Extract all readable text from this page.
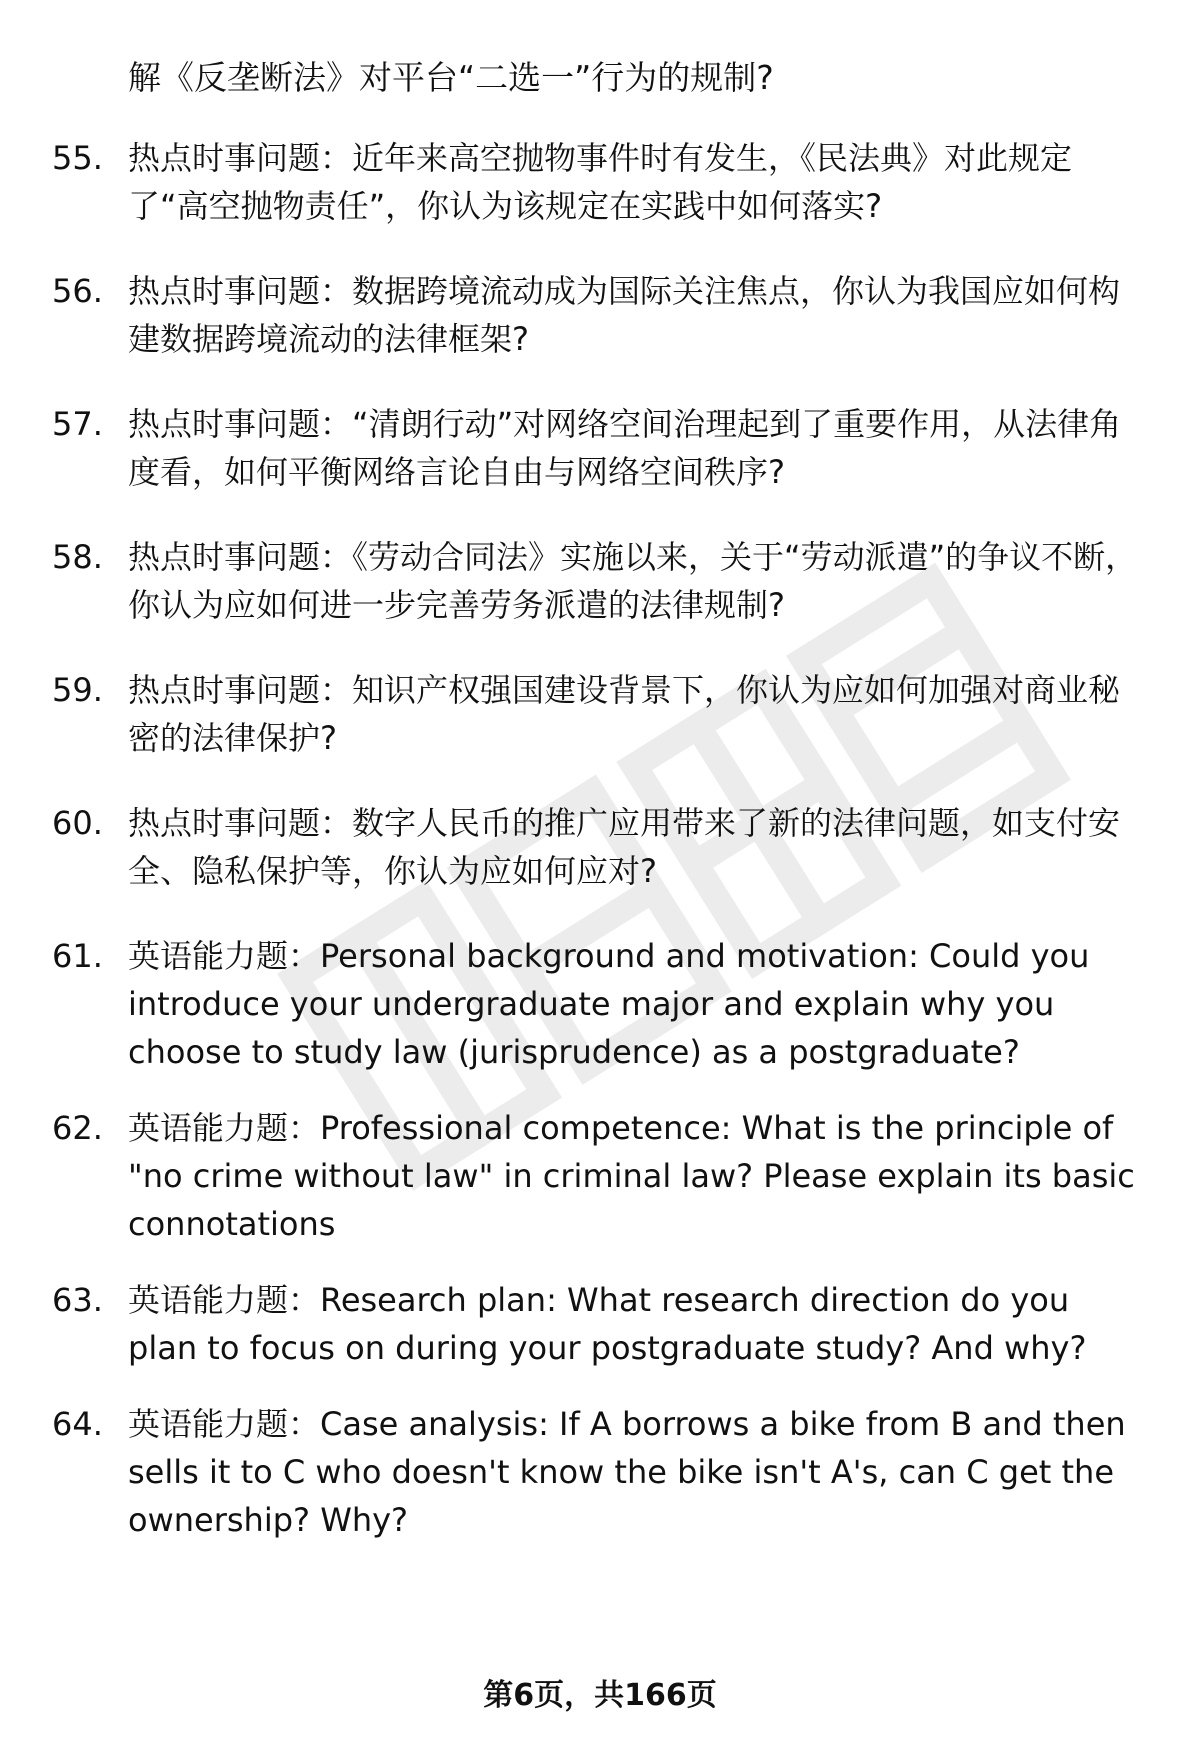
解《反垄断法》对平台“二选一”行为的规制?
55. 热点时事问题：近年来高空抛物事件时有发生，《民法典》对此规定了“高空抛物责任”，你认为该规定在实践中如何落实?
56. 热点时事问题：数据跨境流动成为国际关注焦点，你认为我国应如何构建数据跨境流动的法律框架?
57. 热点时事问题：“清朗行动”对网络空间治理起到了重要作用，从法律角度看，如何平衡网络言论自由与网络空间秩序?
58. 热点时事问题：《劳动合同法》实施以来，关于“劳动派遣”的争议不断，你认为应如何进一步完善劳务派遣的法律规制?
59. 热点时事问题：知识产权强国建设背景下，你认为应如何加强对商业秘密的法律保护?
60. 热点时事问题：数字人民币的推广应用带来了新的法律问题，如支付安全、隐私保护等，你认为应如何应对?
61. 英语能力题：Personal background and motivation: Could you introduce your undergraduate major and explain why you choose to study law (jurisprudence) as a postgraduate?
62. 英语能力题：Professional competence: What is the principle of "no crime without law" in criminal law? Please explain its basic connotations
63. 英语能力题：Research plan: What research direction do you plan to focus on during your postgraduate study? And why?
64. 英语能力题：Case analysis: If A borrows a bike from B and then sells it to C who doesn't know the bike isn't A's, can C get the ownership? Why?
第6页，共166页
